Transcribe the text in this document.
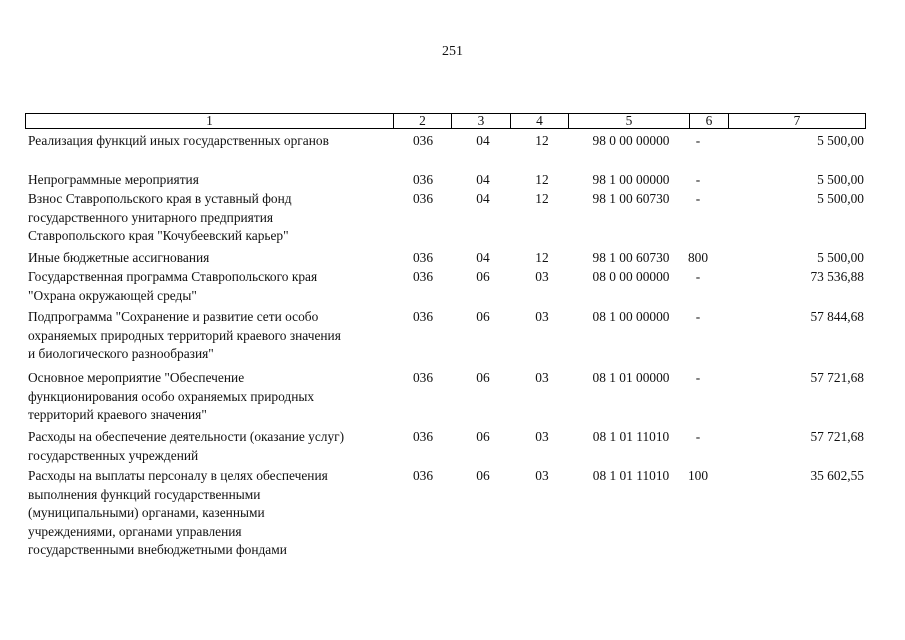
251
1	2	3	4	5	6	7
Реализация функций иных государственных органов	036	04	12	98 0 00 00000	-	5 500,00
Непрограммные мероприятия	036	04	12	98 1 00 00000	-	5 500,00
Взнос Ставропольского края в уставный фонд
государственного унитарного предприятия
Ставропольского края "Кочубеевский карьер"
036	04	12	98 1 00 60730	-	5 500,00
Иные бюджетные ассигнования	036	04	12	98 1 00 60730	800	5 500,00
Государственная программа Ставропольского края
"Охрана окружающей среды"
036	06	03	08 0 00 00000	-	73 536,88
Подпрограмма "Сохранение и развитие сети особо
охраняемых природных территорий краевого значения
и биологического разнообразия"
036	06	03	08 1 00 00000	-	57 844,68
Основное мероприятие "Обеспечение
функционирования особо охраняемых природных
территорий краевого значения"
036	06	03	08 1 01 00000	-	57 721,68
Расходы на обеспечение деятельности (оказание услуг)
государственных учреждений
036	06	03	08 1 01 11010	-	57 721,68
Расходы на выплаты персоналу в целях обеспечения
выполнения функций государственными
(муниципальными) органами, казенными
учреждениями, органами управления
государственными внебюджетными фондами
036	06	03	08 1 01 11010	100	35 602,55
